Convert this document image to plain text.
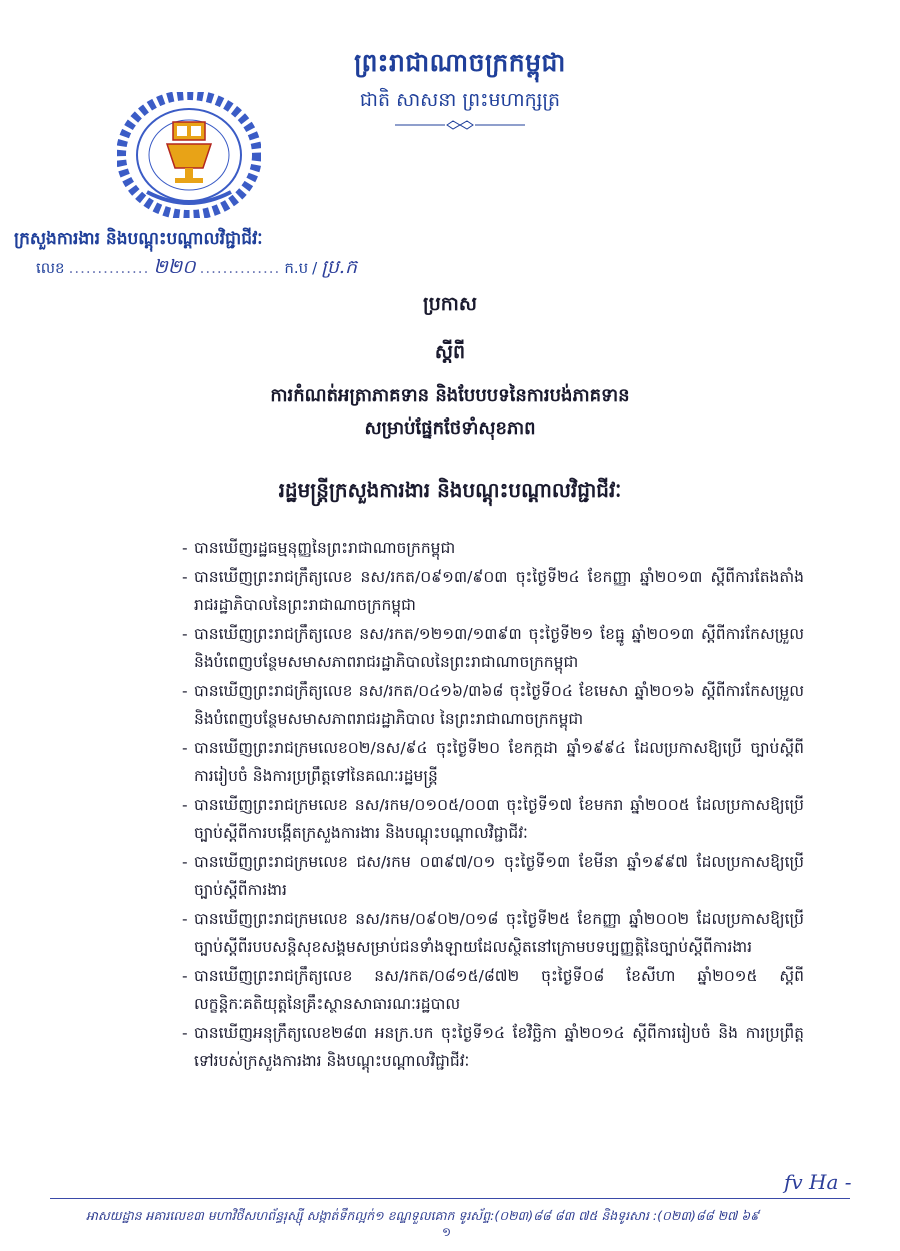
ព្រះរាជាណាចក្រកម្ពុជា
ជាតិ សាសនា ព្រះមហាក្សត្រ
ក្រសួងការងារ និងបណ្តុះបណ្តាលវិជ្ជាជីវៈ
លេខ .............. ២២០ .............. ក.ប / ប្រ.ក
ប្រកាស
ស្តីពី
ការកំណត់អត្រាភាគទាន និងបែបបទនៃការបង់ភាគទាន
សម្រាប់ផ្នែកថែទាំសុខភាព
រដ្ឋមន្ត្រីក្រសួងការងារ និងបណ្តុះបណ្តាលវិជ្ជាជីវៈ
- បានឃើញរដ្ឋធម្មនុញ្ញនៃព្រះរាជាណាចក្រកម្ពុជា
- បានឃើញព្រះរាជក្រឹត្យលេខ នស/រកត/០៩១៣/៩០៣ ចុះថ្ងៃទី២៤ ខែកញ្ញា ឆ្នាំ២០១៣ ស្តីពីការតែងតាំងរាជរដ្ឋាភិបាលនៃព្រះរាជាណាចក្រកម្ពុជា
- បានឃើញព្រះរាជក្រឹត្យលេខ នស/រកត/១២១៣/១៣៩៣ ចុះថ្ងៃទី២១ ខែធ្នូ ឆ្នាំ២០១៣ ស្តីពីការកែសម្រួល និងបំពេញបន្ថែមសមាសភាពរាជរដ្ឋាភិបាលនៃព្រះរាជាណាចក្រកម្ពុជា
- បានឃើញព្រះរាជក្រឹត្យលេខ នស/រកត/០៤១៦/៣៦៨ ចុះថ្ងៃទី០៤ ខែមេសា ឆ្នាំ២០១៦ ស្តីពីការកែសម្រួល និងបំពេញបន្ថែមសមាសភាពរាជរដ្ឋាភិបាល នៃព្រះរាជាណាចក្រកម្ពុជា
- បានឃើញព្រះរាជក្រមលេខ០២/នស/៩៤ ចុះថ្ងៃទី២០ ខែកក្កដា ឆ្នាំ១៩៩៤ ដែលប្រកាសឱ្យប្រើ ច្បាប់ស្តីពីការរៀបចំ និងការប្រព្រឹត្តទៅនៃគណៈរដ្ឋមន្ត្រី
- បានឃើញព្រះរាជក្រមលេខ នស/រកម/០១០៥/០០៣ ចុះថ្ងៃទី១៧ ខែមករា ឆ្នាំ២០០៥ ដែលប្រកាសឱ្យប្រើច្បាប់ស្តីពីការបង្កើតក្រសួងការងារ និងបណ្តុះបណ្តាលវិជ្ជាជីវៈ
- បានឃើញព្រះរាជក្រមលេខ ជស/រកម ០៣៩៧/០១ ចុះថ្ងៃទី១៣ ខែមីនា ឆ្នាំ១៩៩៧ ដែលប្រកាសឱ្យប្រើច្បាប់ស្តីពីការងារ
- បានឃើញព្រះរាជក្រមលេខ នស/រកម/០៩០២/០១៨ ចុះថ្ងៃទី២៥ ខែកញ្ញា ឆ្នាំ២០០២ ដែលប្រកាសឱ្យប្រើច្បាប់ស្តីពីរបបសន្តិសុខសង្គមសម្រាប់ជនទាំងឡាយដែលស្ថិតនៅក្រោមបទប្បញ្ញត្តិនៃច្បាប់ស្តីពីការងារ
- បានឃើញព្រះរាជក្រឹត្យលេខ នស/រកត/០៨១៥/៨៧២ ចុះថ្ងៃទី០៨ ខែសីហា ឆ្នាំ២០១៥ ស្តីពីលក្ខន្តិកៈគតិយុត្តនៃគ្រឹះស្ថានសាធារណៈរដ្ឋបាល
- បានឃើញអនុក្រឹត្យលេខ២៨៣ អនក្រ.បក ចុះថ្ងៃទី១៤ ខែវិច្ឆិកា ឆ្នាំ២០១៤ ស្តីពីការរៀបចំ និង ការប្រព្រឹត្តទៅរបស់ក្រសួងការងារ និងបណ្តុះបណ្តាលវិជ្ជាជីវៈ
fv Ha -
អាសយដ្ឋាន អគារលេខ៣ មហាវិថីសហព័ន្ធរុស្ស៊ី សង្កាត់ទឹកល្អក់១ ខណ្ឌទួលគោក ទូរស័ព្ទ:(០២៣)៨៨ ៨៣ ៧៥ និងទូរសារ :(០២៣)៨៨ ២៧ ៦៩
១
